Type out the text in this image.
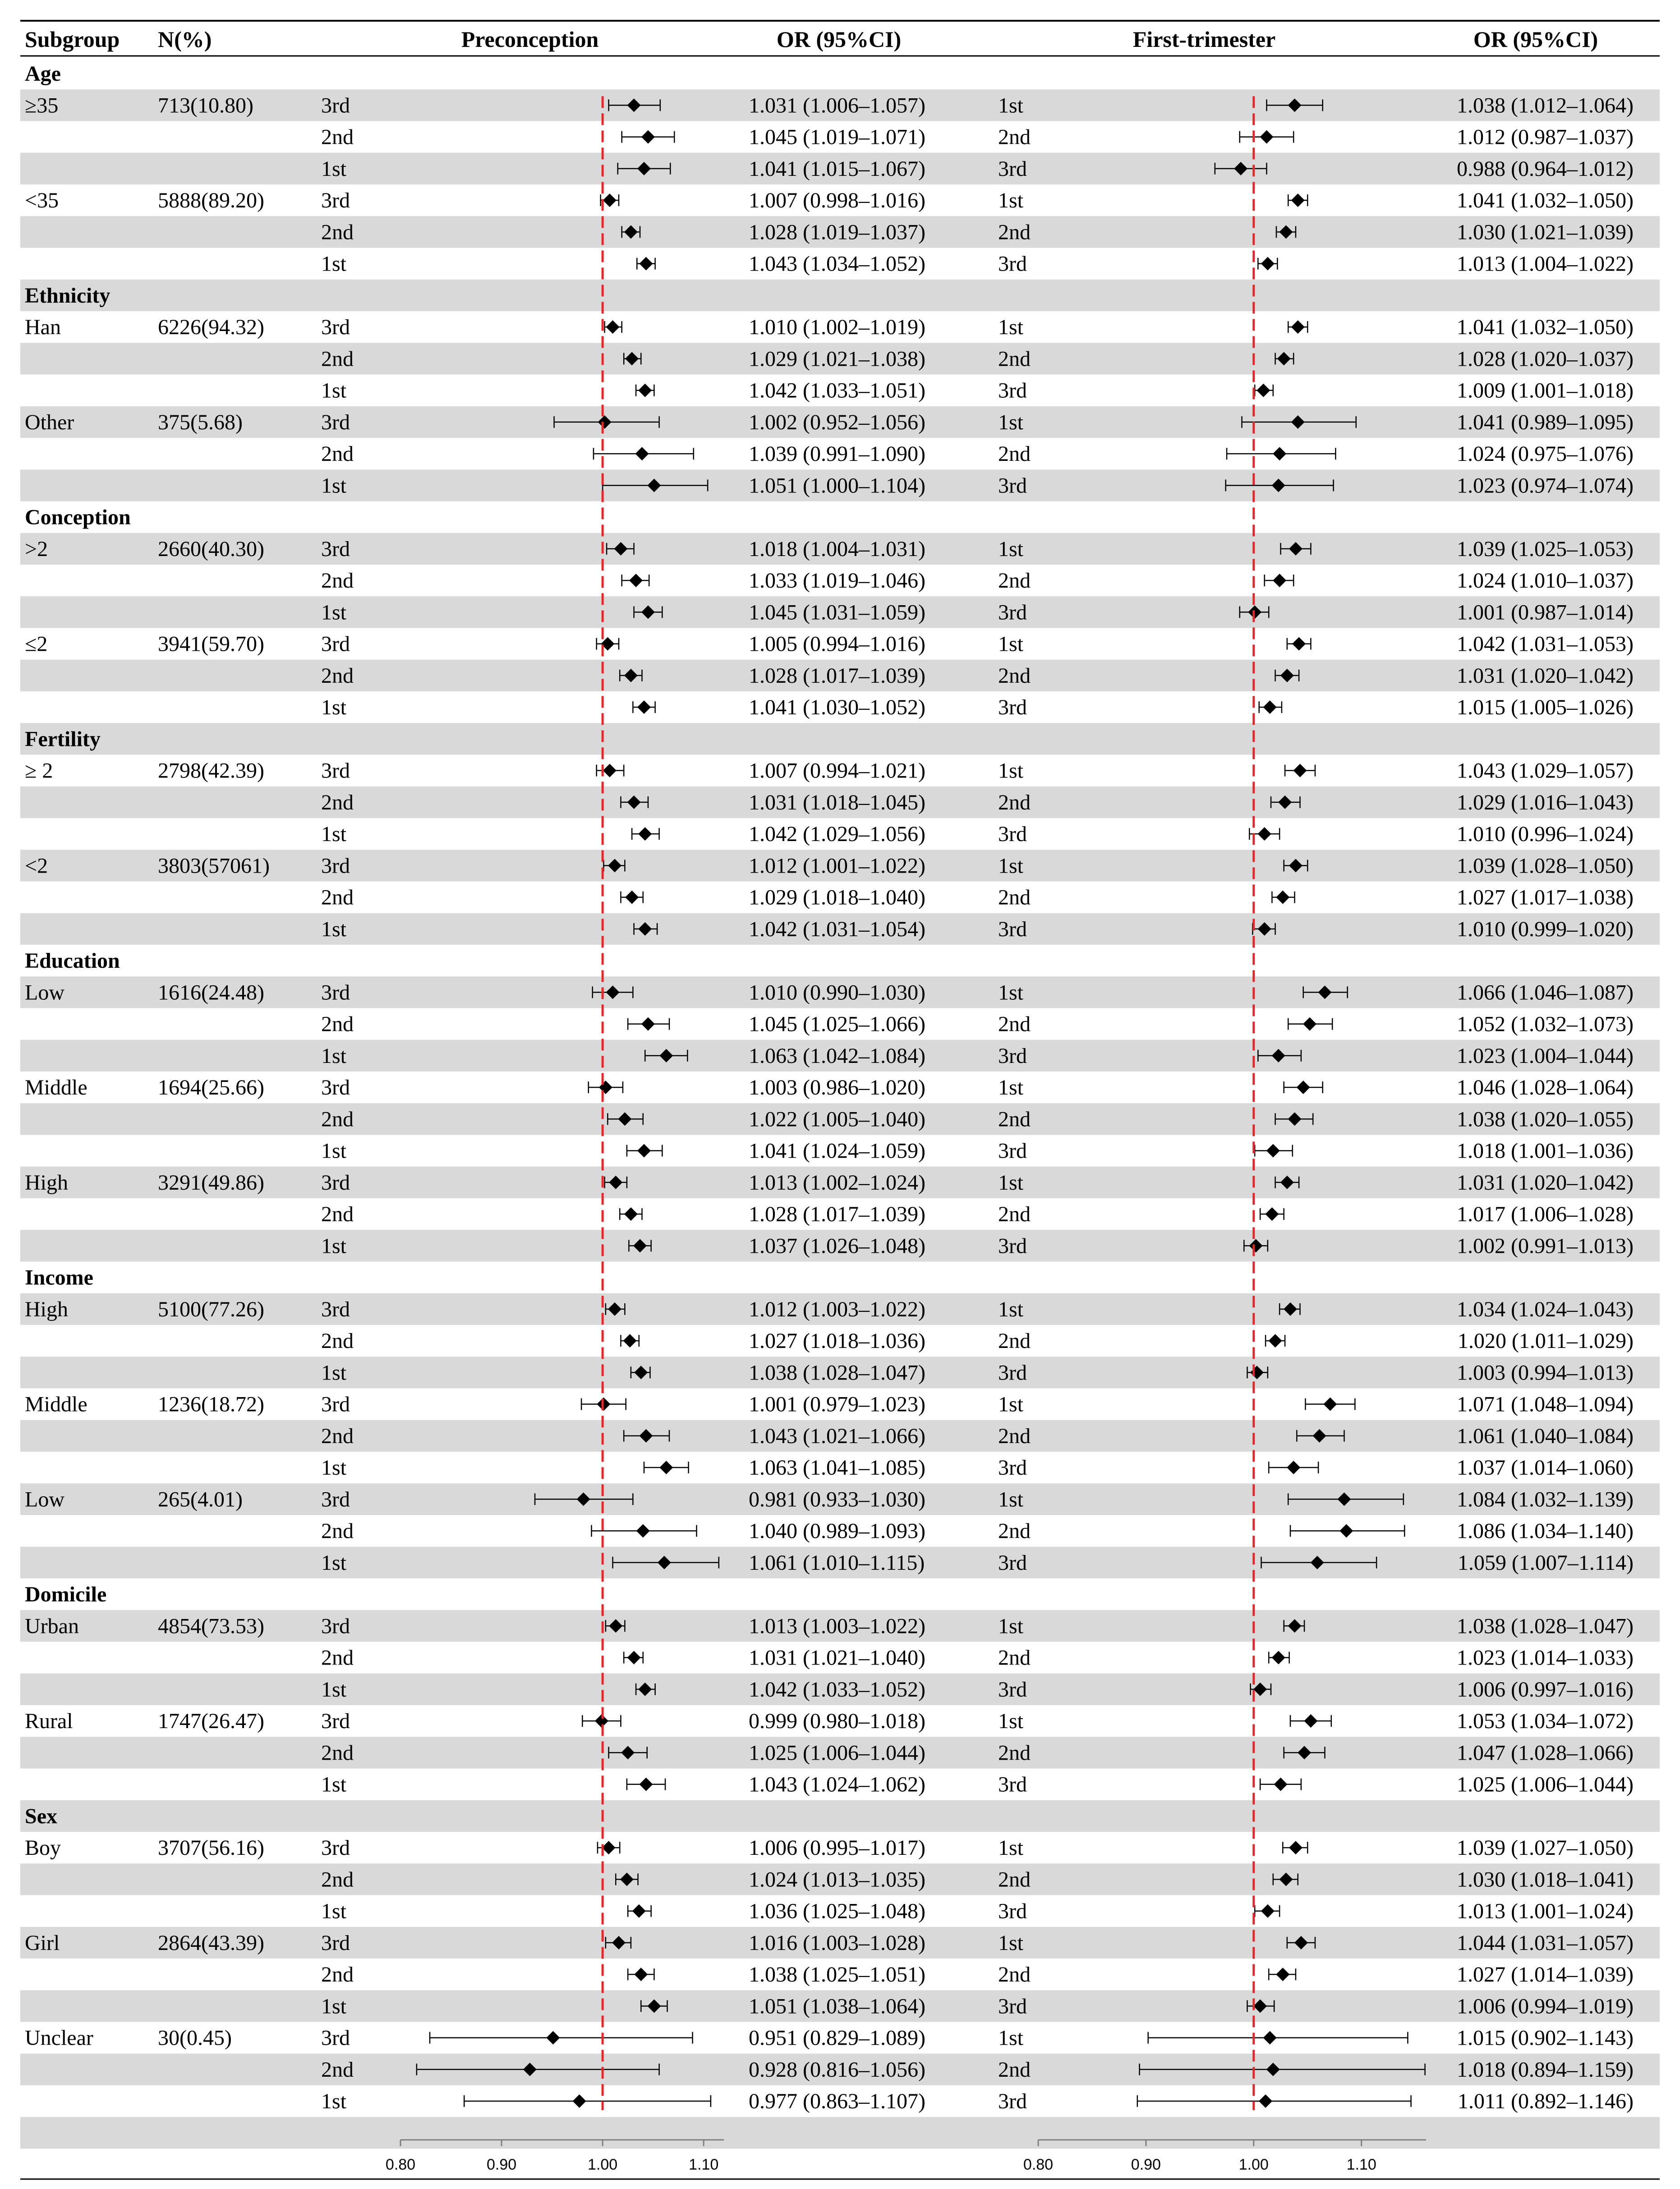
Subgroup N(%)	Preconception	OR (95%CI)	First-trimester	OR (95%CI)
Age
≥35	713(10.80)	3rd	1.031 (1.006–1.057)	1st	1.038 (1.012–1.064)
2nd	1.045 (1.019–1.071)	2nd	1.012 (0.987–1.037)
1st	1.041 (1.015–1.067)	3rd	0.988 (0.964–1.012)
<35	5888(89.20)	3rd	1.007 (0.998–1.016)	1st	1.041 (1.032–1.050)
2nd	1.028 (1.019–1.037)	2nd	1.030 (1.021–1.039)
1st	1.043 (1.034–1.052)	3rd	1.013 (1.004–1.022)
Ethnicity
Han	6226(94.32)	3rd	1.010 (1.002–1.019)	1st	1.041 (1.032–1.050)
2nd	1.029 (1.021–1.038)	2nd	1.028 (1.020–1.037)
1st	1.042 (1.033–1.051)	3rd	1.009 (1.001–1.018)
Other	375(5.68)	3rd	1.002 (0.952–1.056)	1st	1.041 (0.989–1.095)
2nd	1.039 (0.991–1.090)	2nd	1.024 (0.975–1.076)
1st	1.051 (1.000–1.104)	3rd	1.023 (0.974–1.074)
Conception
>2	2660(40.30)	3rd	1.018 (1.004–1.031)	1st	1.039 (1.025–1.053)
2nd	1.033 (1.019–1.046)	2nd	1.024 (1.010–1.037)
1st	1.045 (1.031–1.059)	3rd	1.001 (0.987–1.014)
≤2	3941(59.70)	3rd	1.005 (0.994–1.016)	1st	1.042 (1.031–1.053)
2nd	1.028 (1.017–1.039)	2nd	1.031 (1.020–1.042)
1st	1.041 (1.030–1.052)	3rd	1.015 (1.005–1.026)
Fertility
≥ 2	2798(42.39)	3rd	1.007 (0.994–1.021)	1st	1.043 (1.029–1.057)
2nd	1.031 (1.018–1.045)	2nd	1.029 (1.016–1.043)
1st	1.042 (1.029–1.056)	3rd	1.010 (0.996–1.024)
<2	3803(57061) 3rd	1.012 (1.001–1.022)	1st	1.039 (1.028–1.050)
2nd	1.029 (1.018–1.040)	2nd	1.027 (1.017–1.038)
1st	1.042 (1.031–1.054)	3rd	1.010 (0.999–1.020)
Education
Low	1616(24.48)	3rd	1.010 (0.990–1.030)	1st	1.066 (1.046–1.087)
2nd	1.045 (1.025–1.066)	2nd	1.052 (1.032–1.073)
1st	1.063 (1.042–1.084)	3rd	1.023 (1.004–1.044)
Middle	1694(25.66)	3rd	1.003 (0.986–1.020)	1st	1.046 (1.028–1.064)
2nd	1.022 (1.005–1.040)	2nd	1.038 (1.020–1.055)
1st	1.041 (1.024–1.059)	3rd	1.018 (1.001–1.036)
High	3291(49.86)	3rd	1.013 (1.002–1.024)	1st	1.031 (1.020–1.042)
2nd	1.028 (1.017–1.039)	2nd	1.017 (1.006–1.028)
1st	1.037 (1.026–1.048)	3rd	1.002 (0.991–1.013)
Income
High	5100(77.26)	3rd	1.012 (1.003–1.022)	1st	1.034 (1.024–1.043)
2nd	1.027 (1.018–1.036)	2nd	1.020 (1.011–1.029)
1st	1.038 (1.028–1.047)	3rd	1.003 (0.994–1.013)
Middle	1236(18.72)	3rd	1.001 (0.979–1.023)	1st	1.071 (1.048–1.094)
2nd	1.043 (1.021–1.066)	2nd	1.061 (1.040–1.084)
1st	1.063 (1.041–1.085)	3rd	1.037 (1.014–1.060)
Low	265(4.01)	3rd	0.981 (0.933–1.030)	1st	1.084 (1.032–1.139)
2nd	1.040 (0.989–1.093)	2nd	1.086 (1.034–1.140)
1st	1.061 (1.010–1.115)	3rd	1.059 (1.007–1.114)
Domicile
Urban	4854(73.53)	3rd	1.013 (1.003–1.022)	1st	1.038 (1.028–1.047)
2nd	1.031 (1.021–1.040)	2nd	1.023 (1.014–1.033)
1st	1.042 (1.033–1.052)	3rd	1.006 (0.997–1.016)
Rural	1747(26.47)	3rd	0.999 (0.980–1.018)	1st	1.053 (1.034–1.072)
2nd	1.025 (1.006–1.044)	2nd	1.047 (1.028–1.066)
1st	1.043 (1.024–1.062)	3rd	1.025 (1.006–1.044)
Sex
Boy	3707(56.16)	3rd	1.006 (0.995–1.017)	1st	1.039 (1.027–1.050)
2nd	1.024 (1.013–1.035)	2nd	1.030 (1.018–1.041)
1st	1.036 (1.025–1.048)	3rd	1.013 (1.001–1.024)
Girl	2864(43.39)	3rd	1.016 (1.003–1.028)	1st	1.044 (1.031–1.057)
2nd	1.038 (1.025–1.051)	2nd	1.027 (1.014–1.039)
1st	1.051 (1.038–1.064)	3rd	1.006 (0.994–1.019)
Unclear	30(0.45)	3rd	0.951 (0.829–1.089)	1st	1.015 (0.902–1.143)
2nd	0.928 (0.816–1.056)	2nd	1.018 (0.894–1.159)
1st	0.977 (0.863–1.107)	3rd	1.011 (0.892–1.146)
0.80	0.90	1.00	1.10	0.80	0.90	1.00	1.10
